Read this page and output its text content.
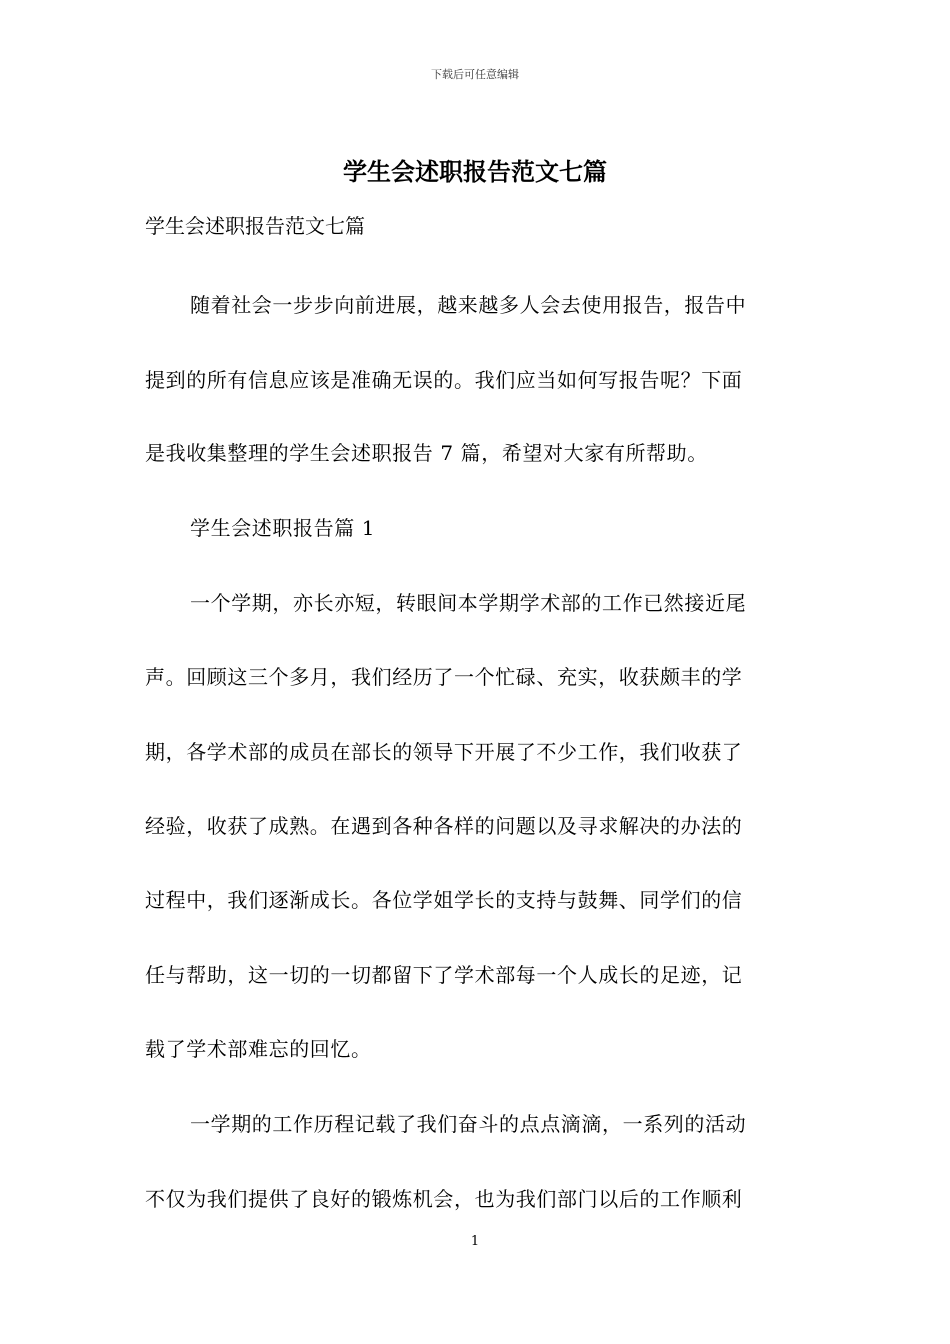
下载后可任意编辑
学生会述职报告范文七篇
学生会述职报告范文七篇
随着社会一步步向前进展，越来越多人会去使用报告，报告中
提到的所有信息应该是准确无误的。我们应当如何写报告呢？下面
是我收集整理的学生会述职报告 7 篇，希望对大家有所帮助。
学生会述职报告篇 1
一个学期，亦长亦短，转眼间本学期学术部的工作已然接近尾
声。回顾这三个多月，我们经历了一个忙碌、充实，收获颇丰的学
期，各学术部的成员在部长的领导下开展了不少工作，我们收获了
经验，收获了成熟。在遇到各种各样的问题以及寻求解决的办法的
过程中，我们逐渐成长。各位学姐学长的支持与鼓舞、同学们的信
任与帮助，这一切的一切都留下了学术部每一个人成长的足迹，记
载了学术部难忘的回忆。
一学期的工作历程记载了我们奋斗的点点滴滴，一系列的活动
不仅为我们提供了良好的锻炼机会，也为我们部门以后的工作顺利
1
